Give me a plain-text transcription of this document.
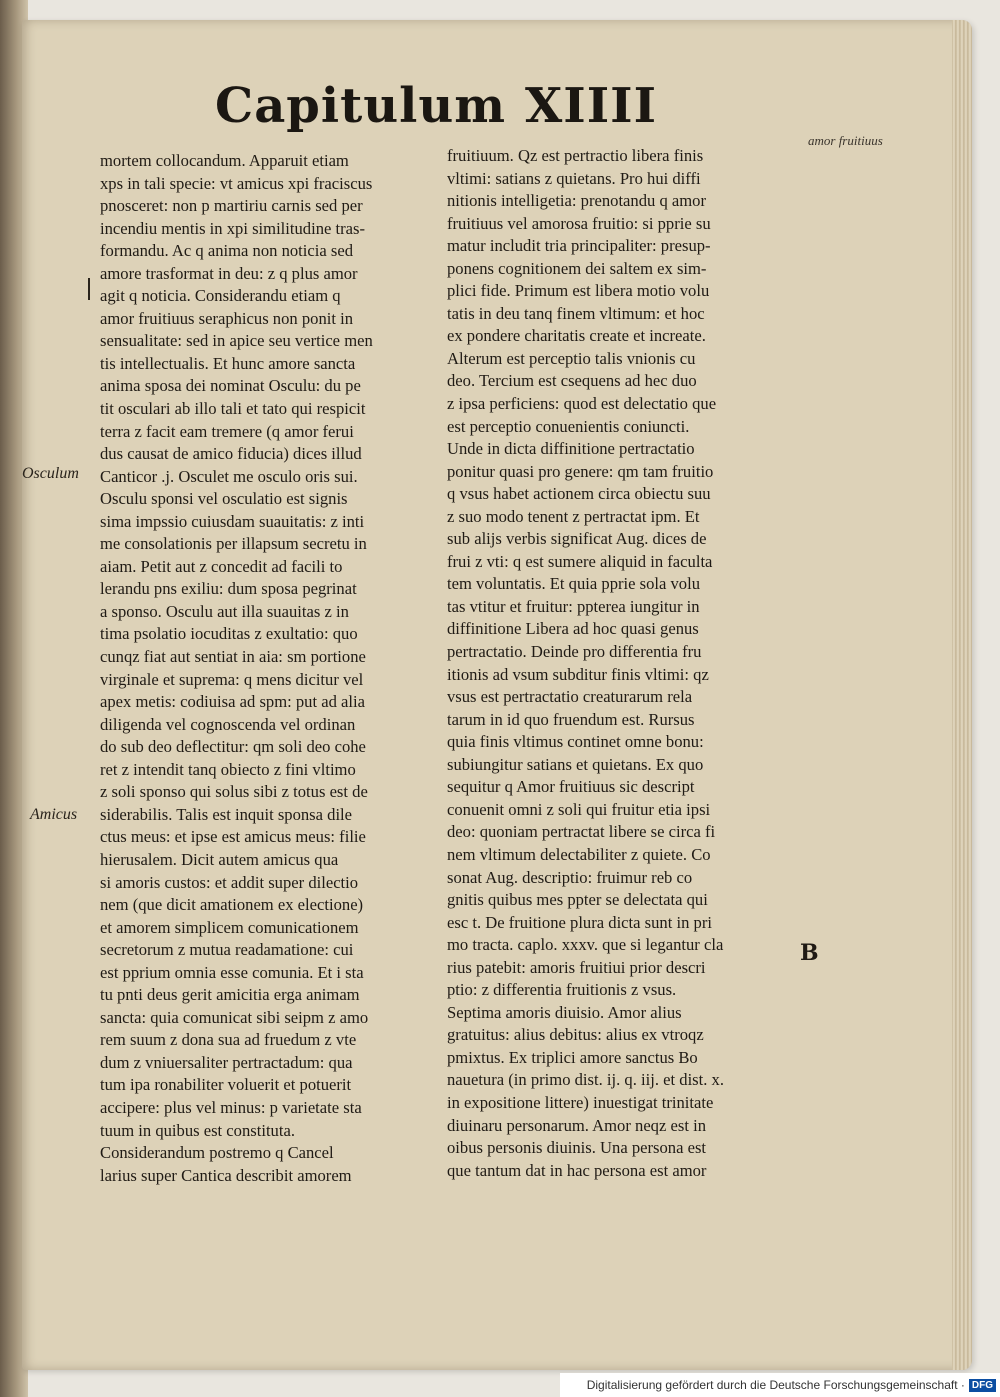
Capitulum XIIII
amor fruitiuus
Osculum
Amicus
B
mortem collocandum. Apparuit etiam
xps in tali specie: vt amicus xpi fraciscus
pnosceret: non p martiriu carnis sed per
incendiu mentis in xpi similitudine tras-
formandu. Ac q anima non noticia sed
amore trasformat in deu: z q plus amor
agit q noticia. Considerandu etiam q
amor fruitiuus seraphicus non ponit in
sensualitate: sed in apice seu vertice men
tis intellectualis. Et hunc amore sancta
anima sposa dei nominat Osculu: du pe
tit osculari ab illo tali et tato qui respicit
terra z facit eam tremere (q amor ferui
dus causat de amico fiducia) dices illud
Canticor .j. Osculet me osculo oris sui.
Osculu sponsi vel osculatio est signis
sima impssio cuiusdam suauitatis: z inti
me consolationis per illapsum secretu in
aiam. Petit aut z concedit ad facili to
lerandu pns exiliu: dum sposa pegrinat
a sponso. Osculu aut illa suauitas z in
tima psolatio iocuditas z exultatio: quo
cunqz fiat aut sentiat in aia: sm portione
virginale et suprema: q mens dicitur vel
apex metis: codiuisa ad spm: put ad alia
diligenda vel cognoscenda vel ordinan
do sub deo deflectitur: qm soli deo cohe
ret z intendit tanq obiecto z fini vltimo
z soli sponso qui solus sibi z totus est de
siderabilis. Talis est inquit sponsa dile
ctus meus: et ipse est amicus meus: filie
hierusalem. Dicit autem amicus qua
si amoris custos: et addit super dilectio
nem (que dicit amationem ex electione)
et amorem simplicem comunicationem
secretorum z mutua readamatione: cui
est pprium omnia esse comunia. Et i sta
tu pnti deus gerit amicitia erga animam
sancta: quia comunicat sibi seipm z amo
rem suum z dona sua ad fruedum z vte
dum z vniuersaliter pertractadum: qua
tum ipa ronabiliter voluerit et potuerit
accipere: plus vel minus: p varietate sta
tuum in quibus est constituta.
Considerandum postremo q Cancel
larius super Cantica describit amorem
fruitiuum. Qz est pertractio libera finis
vltimi: satians z quietans. Pro hui diffi
nitionis intelligetia: prenotandu q amor
fruitiuus vel amorosa fruitio: si pprie su
matur includit tria principaliter: presup-
ponens cognitionem dei saltem ex sim-
plici fide. Primum est libera motio volu
tatis in deu tanq finem vltimum: et hoc
ex pondere charitatis create et increate.
Alterum est perceptio talis vnionis cu
deo. Tercium est csequens ad hec duo
z ipsa perficiens: quod est delectatio que
est perceptio conuenientis coniuncti.
Unde in dicta diffinitione pertractatio
ponitur quasi pro genere: qm tam fruitio
q vsus habet actionem circa obiectu suu
z suo modo tenent z pertractat ipm. Et
sub alijs verbis significat Aug. dices de
frui z vti: q est sumere aliquid in faculta
tem voluntatis. Et quia pprie sola volu
tas vtitur et fruitur: ppterea iungitur in
diffinitione Libera ad hoc quasi genus
pertractatio. Deinde pro differentia fru
itionis ad vsum subditur finis vltimi: qz
vsus est pertractatio creaturarum rela
tarum in id quo fruendum est. Rursus
quia finis vltimus continet omne bonu:
subiungitur satians et quietans. Ex quo
sequitur q Amor fruitiuus sic descript
conuenit omni z soli qui fruitur etia ipsi
deo: quoniam pertractat libere se circa fi
nem vltimum delectabiliter z quiete. Co
sonat Aug. descriptio: fruimur reb co
gnitis quibus mes ppter se delectata qui
esc t. De fruitione plura dicta sunt in pri
mo tracta. caplo. xxxv. que si legantur cla
rius patebit: amoris fruitiui prior descri
ptio: z differentia fruitionis z vsus.
Septima amoris diuisio. Amor alius
gratuitus: alius debitus: alius ex vtroqz
pmixtus. Ex triplici amore sanctus Bo
nauetura (in primo dist. ij. q. iij. et dist. x.
in expositione littere) inuestigat trinitate
diuinaru personarum. Amor neqz est in
oibus personis diuinis. Una persona est
que tantum dat in hac persona est amor
Digitalisierung gefördert durch die Deutsche Forschungsgemeinschaft · DFG
